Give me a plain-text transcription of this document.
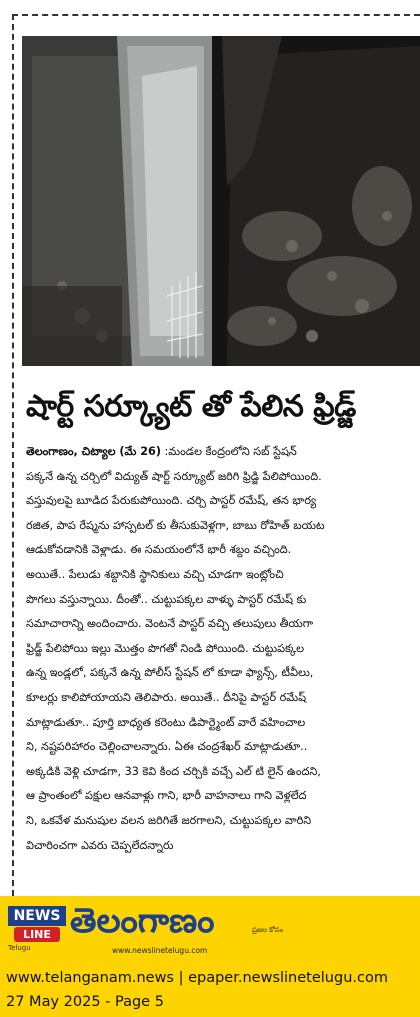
షార్ట్ సర్క్యూట్ తో పేలిన ఫ్రిడ్జ్
తెలంగాణం, చిట్యాల (మే 26) :మండల కేంద్రంలోని సబ్ స్టేషన్
పక్కనే ఉన్న చర్చిలో విద్యుత్ షార్ట్ సర్క్యూట్ జరిగి ఫ్రిడ్జి పేలిపోయింది.
వస్తువులపై బూడిద పేరుకుపోయింది. చర్చి పాస్టర్ రమేష్, తన భార్య
రజిత, పాప రేష్మను హాస్పటల్ కు తీసుకువెళ్లగా, బాబు రోహిత్ బయట
ఆడుకోవడానికి వెళ్లాడు. ఈ సమయంలోనే భారీ శబ్దం వచ్చింది.
అయితే.. పేలుడు శబ్దానికి స్థానికులు వచ్చి చూడగా ఇంట్లోంచి
పొగలు వస్తున్నాయి. దీంతో.. చుట్టుపక్కల వాళ్ళు పాస్టర్ రమేష్ కు
సమాచారాన్ని అందించారు. వెంటనే పాస్టర్ వచ్చి తలుపులు తీయగా
ఫ్రిడ్జ్ పేలిపోయి ఇల్లు మొత్తం పొగతో నిండి పోయింది. చుట్టుపక్కల
ఉన్న ఇండ్లలో, పక్కనే ఉన్న పోలీస్ స్టేషన్ లో కూడా ఫ్యాన్స్, టీవీలు,
కూలర్లు కాలిపోయాయని తెలిపారు. అయితే.. దీనిపై పాస్టర్ రమేష్
మాట్లాడుతూ.. పూర్తి బాధ్యత కరెంటు డిపార్ట్మెంట్ వారే వహించాల
ని, నష్టపరిహారం చెల్లించాలన్నారు. ఏఈ చంద్రశేఖర్ మాట్లాడుతూ..
అక్కడికి వెళ్లి చూడగా, 33 కెవి కింద చర్చికి వచ్చే ఎల్ టి లైన్ ఉందని,
ఆ ప్రాంతంలో పక్షుల ఆనవాళ్లు గాని, భారీ వాహనాలు గాని వెళ్లలేద
ని, ఒకవేళ మనుషుల వలన జరిగితే జరగాలని, చుట్టుపక్కల వారిని
విచారించగా ఎవరు చెప్పలేదన్నారు
NEWS
LINE
Telugu
తెలంగాణం	ప్రజల కోసం
www.newslinetelugu.com
www.telanganam.news | epaper.newslinetelugu.com
27 May 2025 - Page 5
